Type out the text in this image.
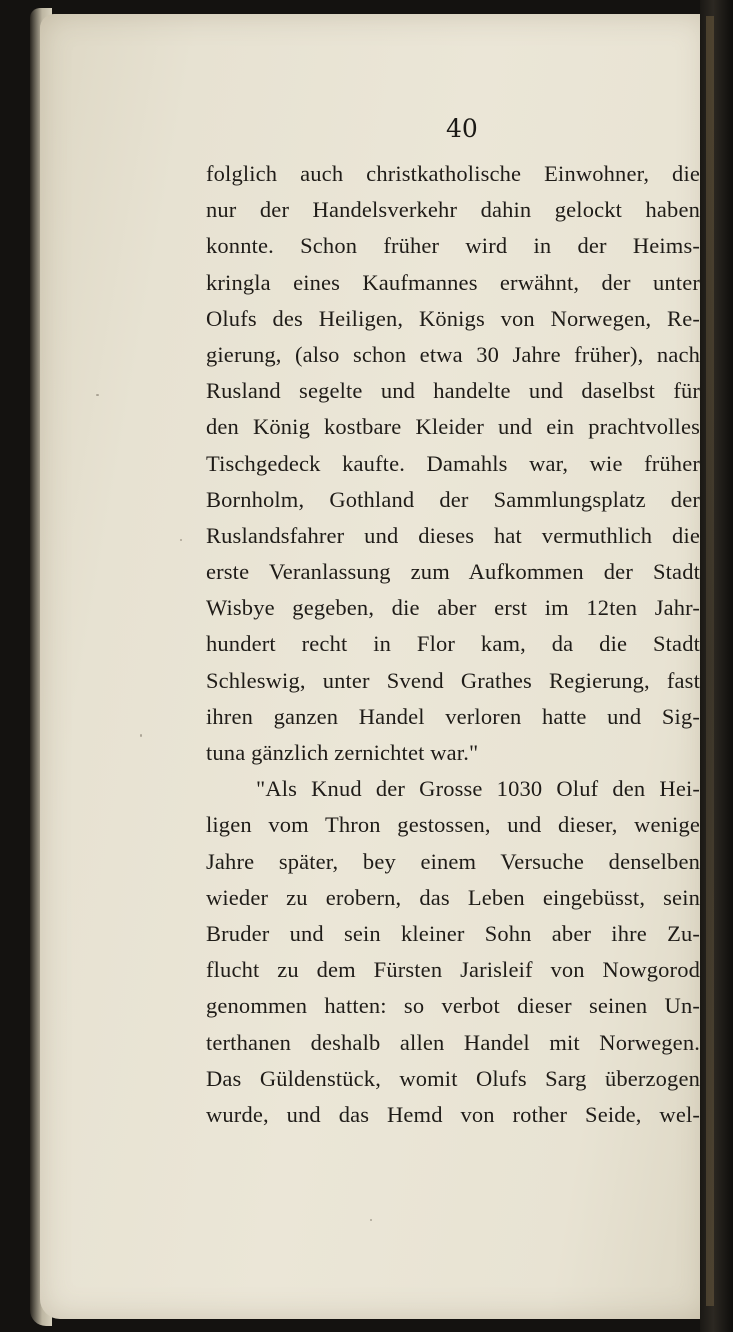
40
folglich auch christkatholische Einwohner, die
nur der Handelsverkehr dahin gelockt haben
konnte. Schon früher wird in der Heims-
kringla eines Kaufmannes erwähnt, der unter
Olufs des Heiligen, Königs von Norwegen, Re-
gierung, (also schon etwa 30 Jahre früher), nach
Rusland segelte und handelte und daselbst für
den König kostbare Kleider und ein prachtvolles
Tischgedeck kaufte. Damahls war, wie früher
Bornholm, Gothland der Sammlungsplatz der
Ruslandsfahrer und dieses hat vermuthlich die
erste Veranlassung zum Aufkommen der Stadt
Wisbye gegeben, die aber erst im 12ten Jahr-
hundert recht in Flor kam, da die Stadt
Schleswig, unter Svend Grathes Regierung, fast
ihren ganzen Handel verloren hatte und Sig-
tuna gänzlich zernichtet war."
"Als Knud der Grosse 1030 Oluf den Hei-
ligen vom Thron gestossen, und dieser, wenige
Jahre später, bey einem Versuche denselben
wieder zu erobern, das Leben eingebüsst, sein
Bruder und sein kleiner Sohn aber ihre Zu-
flucht zu dem Fürsten Jarisleif von Nowgorod
genommen hatten: so verbot dieser seinen Un-
terthanen deshalb allen Handel mit Norwegen.
Das Güldenstück, womit Olufs Sarg überzogen
wurde, und das Hemd von rother Seide, wel-
